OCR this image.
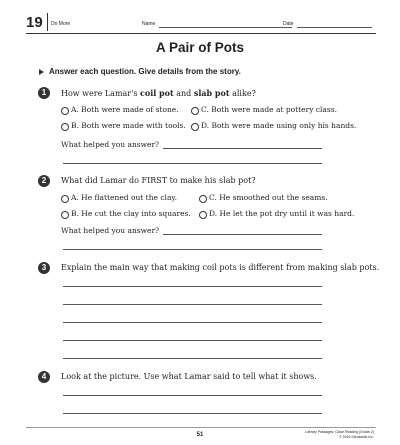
19 Do More	Name	Date
A Pair of Pots
Answer each question. Give details from the story.
1	How were Lamar's coil pot and slab pot alike?
A. Both were made of stone.	C. Both were made at pottery class.
B. Both were made with tools. D. Both were made using only his hands.
What helped you answer?
2	What did Lamar do FIRST to make his slab pot?
A. He flattened out the clay.	C. He smoothed out the seams.
B. He cut the clay into squares. D. He let the pot dry until it was hard.
What helped you answer?
3	Explain the main way that making coil pots is different from making slab pots.
4	Look at the picture. Use what Lamar said to tell what it shows.
51	Literary Passages: Close Reading (Grade 2)
© 2016 Scholastic Inc.
